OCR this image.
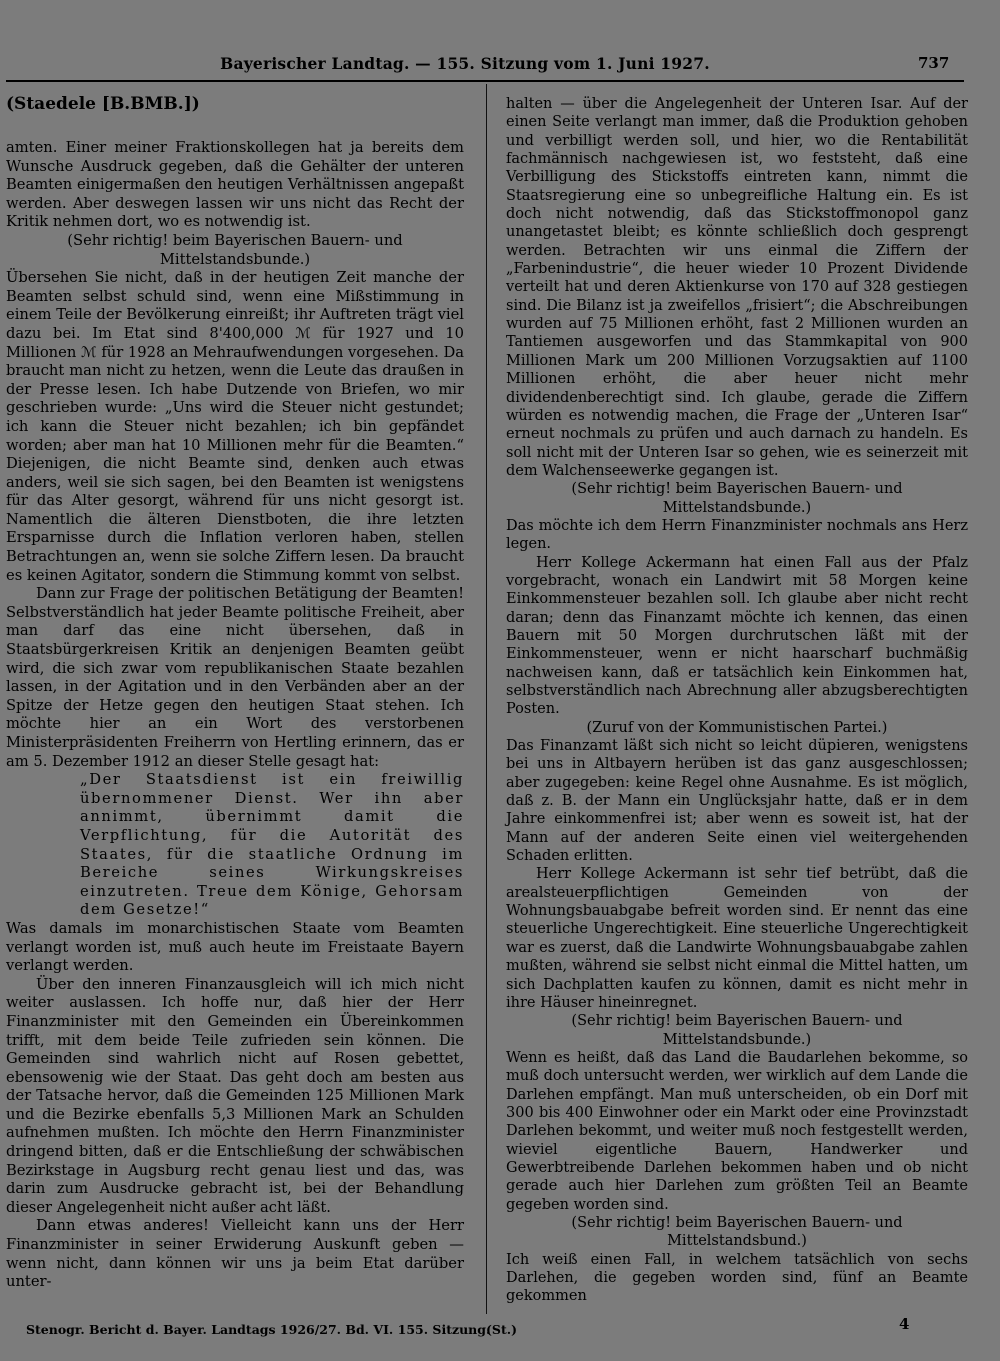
Bayerischer Landtag. — 155. Sitzung vom 1. Juni 1927.	737

(Staedele [B.BMB.])

amten. Einer meiner Fraktionskollegen hat ja bereits dem Wunsche Ausdruck gegeben, daß die Gehälter der unteren Beamten einigermaßen den heutigen Verhältnissen angepaßt werden. Aber deswegen lassen wir uns nicht das Recht der Kritik nehmen dort, wo es notwendig ist.

(Sehr richtig! beim Bayerischen Bauern- und Mittelstandsbunde.)

Übersehen Sie nicht, daß in der heutigen Zeit manche der Beamten selbst schuld sind, wenn eine Mißstimmung in einem Teile der Bevölkerung einreißt; ihr Auftreten trägt viel dazu bei. Im Etat sind 8'400,000 ℳ für 1927 und 10 Millionen ℳ für 1928 an Mehraufwendungen vorgesehen. Da braucht man nicht zu hetzen, wenn die Leute das draußen in der Presse lesen. Ich habe Dutzende von Briefen, wo mir geschrieben wurde: „Uns wird die Steuer nicht gestundet; ich kann die Steuer nicht bezahlen; ich bin gepfändet worden; aber man hat 10 Millionen mehr für die Beamten.“ Diejenigen, die nicht Beamte sind, denken auch etwas anders, weil sie sich sagen, bei den Beamten ist wenigstens für das Alter gesorgt, während für uns nicht gesorgt ist. Namentlich die älteren Dienstboten, die ihre letzten Ersparnisse durch die Inflation verloren haben, stellen Betrachtungen an, wenn sie solche Ziffern lesen. Da braucht es keinen Agitator, sondern die Stimmung kommt von selbst.

Dann zur Frage der politischen Betätigung der Beamten! Selbstverständlich hat jeder Beamte politische Freiheit, aber man darf das eine nicht übersehen, daß in Staatsbürgerkreisen Kritik an denjenigen Beamten geübt wird, die sich zwar vom republikanischen Staate bezahlen lassen, in der Agitation und in den Verbänden aber an der Spitze der Hetze gegen den heutigen Staat stehen. Ich möchte hier an ein Wort des verstorbenen Ministerpräsidenten Freiherrn von Hertling erinnern, das er am 5. Dezember 1912 an dieser Stelle gesagt hat:

„Der Staatsdienst ist ein freiwillig übernommener Dienst. Wer ihn aber annimmt, übernimmt damit die Verpflichtung, für die Autorität des Staates, für die staatliche Ordnung im Bereiche seines Wirkungskreises einzutreten. Treue dem Könige, Gehorsam dem Gesetze!“

Was damals im monarchistischen Staate vom Beamten verlangt worden ist, muß auch heute im Freistaate Bayern verlangt werden.

Über den inneren Finanzausgleich will ich mich nicht weiter auslassen. Ich hoffe nur, daß hier der Herr Finanzminister mit den Gemeinden ein Übereinkommen trifft, mit dem beide Teile zufrieden sein können. Die Gemeinden sind wahrlich nicht auf Rosen gebettet, ebensowenig wie der Staat. Das geht doch am besten aus der Tatsache hervor, daß die Gemeinden 125 Millionen Mark und die Bezirke ebenfalls 5,3 Millionen Mark an Schulden aufnehmen mußten. Ich möchte den Herrn Finanzminister dringend bitten, daß er die Entschließung der schwäbischen Bezirkstage in Augsburg recht genau liest und das, was darin zum Ausdrucke gebracht ist, bei der Behandlung dieser Angelegenheit nicht außer acht läßt.

Dann etwas anderes! Vielleicht kann uns der Herr Finanzminister in seiner Erwiderung Auskunft geben — wenn nicht, dann können wir uns ja beim Etat darüber unter-

halten — über die Angelegenheit der Unteren Isar. Auf der einen Seite verlangt man immer, daß die Produktion gehoben und verbilligt werden soll, und hier, wo die Rentabilität fachmännisch nachgewiesen ist, wo feststeht, daß eine Verbilligung des Stickstoffs eintreten kann, nimmt die Staatsregierung eine so unbegreifliche Haltung ein. Es ist doch nicht notwendig, daß das Stickstoffmonopol ganz unangetastet bleibt; es könnte schließlich doch gesprengt werden. Betrachten wir uns einmal die Ziffern der „Farbenindustrie“, die heuer wieder 10 Prozent Dividende verteilt hat und deren Aktienkurse von 170 auf 328 gestiegen sind. Die Bilanz ist ja zweifellos „frisiert“; die Abschreibungen wurden auf 75 Millionen erhöht, fast 2 Millionen wurden an Tantiemen ausgeworfen und das Stammkapital von 900 Millionen Mark um 200 Millionen Vorzugsaktien auf 1100 Millionen erhöht, die aber heuer nicht mehr dividendenberechtigt sind. Ich glaube, gerade die Ziffern würden es notwendig machen, die Frage der „Unteren Isar“ erneut nochmals zu prüfen und auch darnach zu handeln. Es soll nicht mit der Unteren Isar so gehen, wie es seinerzeit mit dem Walchenseewerke gegangen ist.

(Sehr richtig! beim Bayerischen Bauern- und Mittelstandsbunde.)

Das möchte ich dem Herrn Finanzminister nochmals ans Herz legen.

Herr Kollege Ackermann hat einen Fall aus der Pfalz vorgebracht, wonach ein Landwirt mit 58 Morgen keine Einkommensteuer bezahlen soll. Ich glaube aber nicht recht daran; denn das Finanzamt möchte ich kennen, das einen Bauern mit 50 Morgen durchrutschen läßt mit der Einkommensteuer, wenn er nicht haarscharf buchmäßig nachweisen kann, daß er tatsächlich kein Einkommen hat, selbstverständlich nach Abrechnung aller abzugsberechtigten Posten.

(Zuruf von der Kommunistischen Partei.)

Das Finanzamt läßt sich nicht so leicht düpieren, wenigstens bei uns in Altbayern herüben ist das ganz ausgeschlossen; aber zugegeben: keine Regel ohne Ausnahme. Es ist möglich, daß z. B. der Mann ein Unglücksjahr hatte, daß er in dem Jahre einkommenfrei ist; aber wenn es soweit ist, hat der Mann auf der anderen Seite einen viel weitergehenden Schaden erlitten.

Herr Kollege Ackermann ist sehr tief betrübt, daß die arealsteuerpflichtigen Gemeinden von der Wohnungsbauabgabe befreit worden sind. Er nennt das eine steuerliche Ungerechtigkeit. Eine steuerliche Ungerechtigkeit war es zuerst, daß die Landwirte Wohnungsbauabgabe zahlen mußten, während sie selbst nicht einmal die Mittel hatten, um sich Dachplatten kaufen zu können, damit es nicht mehr in ihre Häuser hineinregnet.

(Sehr richtig! beim Bayerischen Bauern- und Mittelstandsbunde.)

Wenn es heißt, daß das Land die Baudarlehen bekomme, so muß doch untersucht werden, wer wirklich auf dem Lande die Darlehen empfängt. Man muß unterscheiden, ob ein Dorf mit 300 bis 400 Einwohner oder ein Markt oder eine Provinzstadt Darlehen bekommt, und weiter muß noch festgestellt werden, wieviel eigentliche Bauern, Handwerker und Gewerbtreibende Darlehen bekommen haben und ob nicht gerade auch hier Darlehen zum größten Teil an Beamte gegeben worden sind.

(Sehr richtig! beim Bayerischen Bauern- und Mittelstandsbund.)

Ich weiß einen Fall, in welchem tatsächlich von sechs Darlehen, die gegeben worden sind, fünf an Beamte gekommen

Stenogr. Bericht d. Bayer. Landtags 1926/27. Bd. VI. 155. Sitzung.
(St.)	4
